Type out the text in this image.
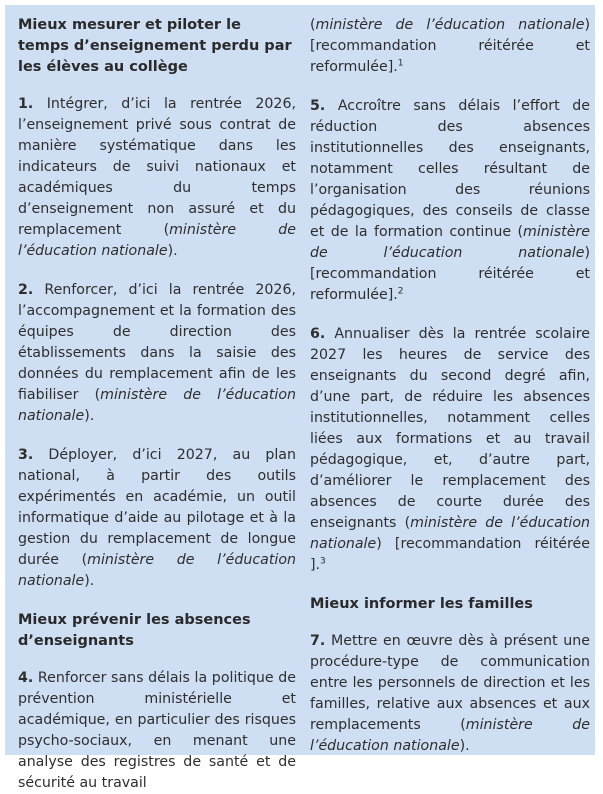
Mieux mesurer et piloter le temps d’enseignement perdu par les élèves au collège

1. Intégrer, d’ici la rentrée 2026, l’enseignement privé sous contrat de manière systématique dans les indicateurs de suivi nationaux et académiques du temps d’enseignement non assuré et du remplacement (ministère de l’éducation nationale).

2. Renforcer, d’ici la rentrée 2026, l’accompagnement et la formation des équipes de direction des établissements dans la saisie des données du remplacement afin de les fiabiliser (ministère de l’éducation nationale).

3. Déployer, d’ici 2027, au plan national, à partir des outils expérimentés en académie, un outil informatique d’aide au pilotage et à la gestion du remplacement de longue durée (ministère de l’éducation nationale).

Mieux prévenir les absences d’enseignants

4. Renforcer sans délais la politique de prévention ministérielle et académique, en particulier des risques psycho-sociaux, en menant une analyse des registres de santé et de sécurité au travail

(ministère de l’éducation nationale) [recommandation réitérée et reformulée].$^1$

5. Accroître sans délais l’effort de réduction des absences institutionnelles des enseignants, notamment celles résultant de l’organisation des réunions pédagogiques, des conseils de classe et de la formation continue (ministère de l’éducation nationale) [recommandation réitérée et reformulée].$^2$

6. Annualiser dès la rentrée scolaire 2027 les heures de service des enseignants du second degré afin, d’une part, de réduire les absences institutionnelles, notamment celles liées aux formations et au travail pédagogique, et, d’autre part, d’améliorer le remplacement des absences de courte durée des enseignants (ministère de l’éducation nationale) [recommandation réitérée ].$^3$

Mieux informer les familles

7. Mettre en œuvre dès à présent une procédure-type de communication entre les personnels de direction et les familles, relative aux absences et aux remplacements (ministère de l’éducation nationale).
